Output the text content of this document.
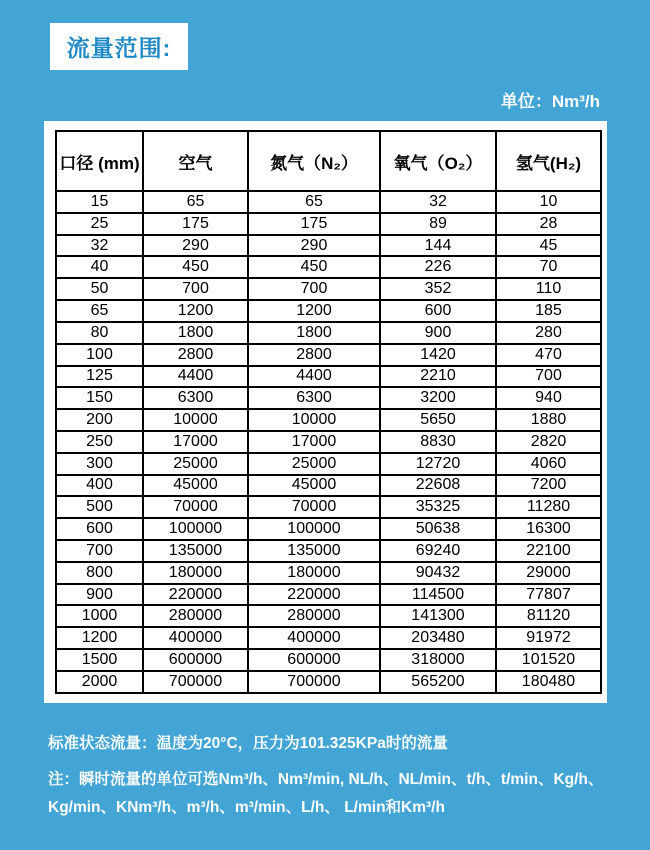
流量范围:
单位：Nm³/h
口径 (mm)	空气	氮气（N₂）	氧气（O₂）	氢气(H₂)
15	65	65	32	10
25	175	175	89	28
32	290	290	144	45
40	450	450	226	70
50	700	700	352	110
65	1200	1200	600	185
80	1800	1800	900	280
100	2800	2800	1420	470
125	4400	4400	2210	700
150	6300	6300	3200	940
200	10000	10000	5650	1880
250	17000	17000	8830	2820
300	25000	25000	12720	4060
400	45000	45000	22608	7200
500	70000	70000	35325	11280
600	100000	100000	50638	16300
700	135000	135000	69240	22100
800	180000	180000	90432	29000
900	220000	220000	114500	77807
1000	280000	280000	141300	81120
1200	400000	400000	203480	91972
1500	600000	600000	318000	101520
2000	700000	700000	565200	180480

标准状态流量：温度为20°C，压力为101.325KPa时的流量

注：瞬时流量的单位可选Nm³/h、Nm³/min, NL/h、NL/min、t/h、t/min、Kg/h、Kg/min、KNm³/h、m³/h、m³/min、L/h、 L/min和Km³/h
